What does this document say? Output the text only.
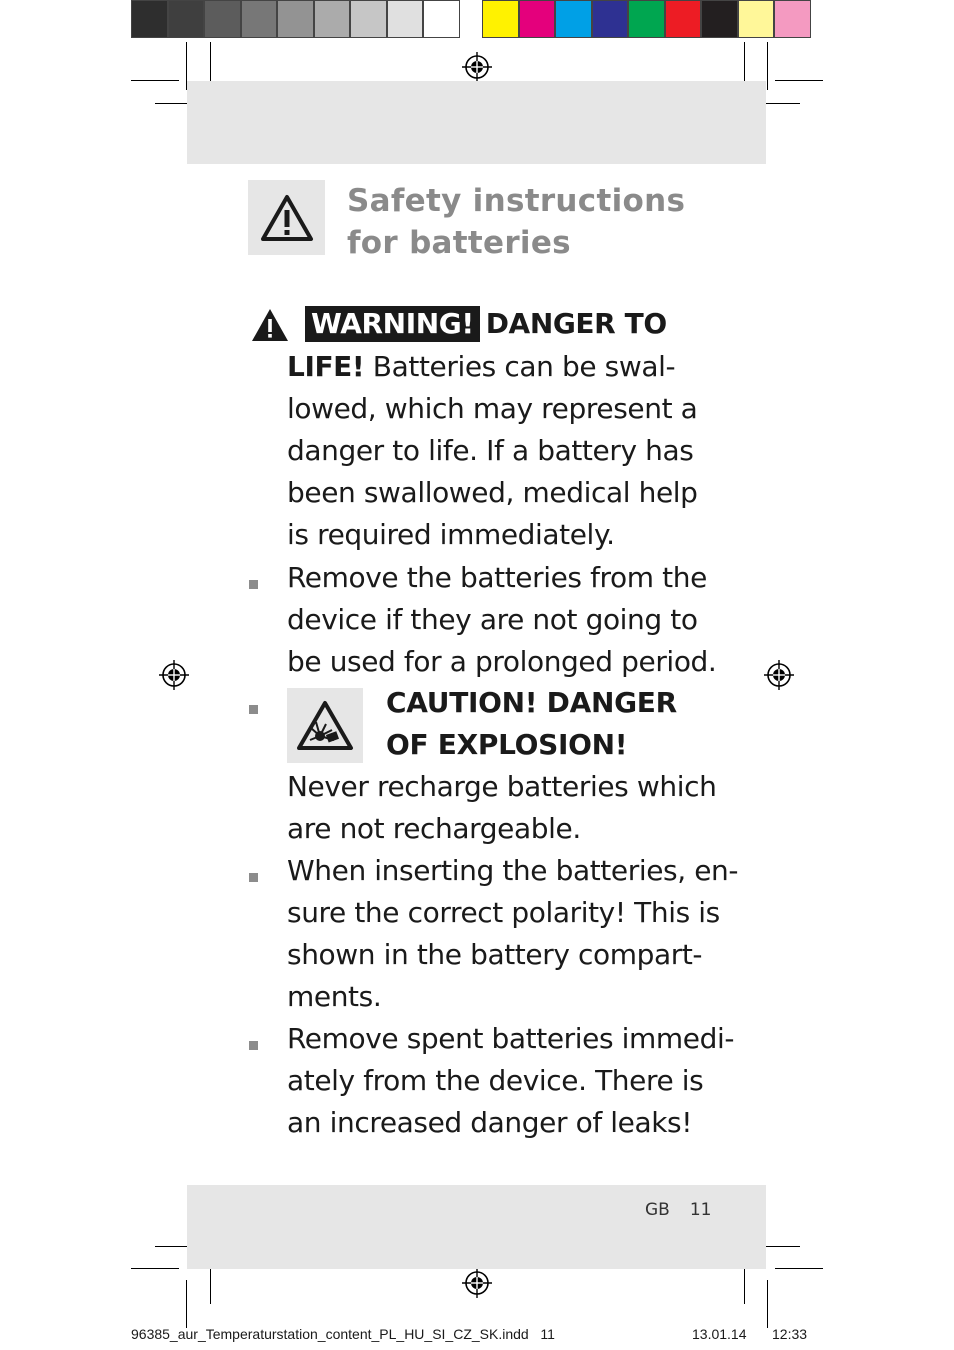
Safety instructions
for batteries
WARNING! DANGER TO
LIFE! Batteries can be swal-
lowed, which may represent a
danger to life. If a battery has
been swallowed, medical help
is required immediately.
Remove the batteries from the
device if they are not going to
be used for a prolonged period.
CAUTION! DANGER
OF EXPLOSION!
Never recharge batteries which
are not rechargeable.
When inserting the batteries, en-
sure the correct polarity! This is
shown in the battery compart-
ments.
Remove spent batteries immedi-
ately from the device. There is
an increased danger of leaks!
GB 11
96385_aur_Temperaturstation_content_PL_HU_SI_CZ_SK.indd   11	13.01.14 12:33
